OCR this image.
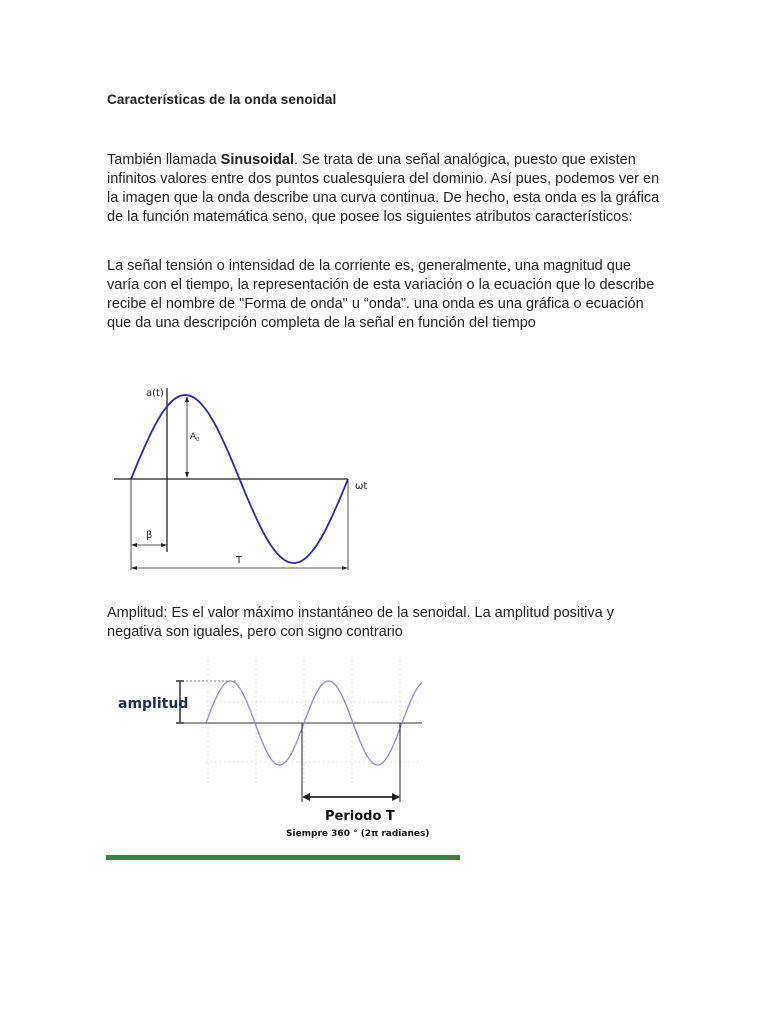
Características de la onda senoidal
También llamada Sinusoidal. Se trata de una señal analógica, puesto que existen infinitos valores entre dos puntos cualesquiera del dominio. Así pues, podemos ver en la imagen que la onda describe una curva continua. De hecho, esta onda es la gráfica de la función matemática seno, que posee los siguientes atributos característicos:
La señal tensión o intensidad de la corriente es, generalmente, una magnitud que varía con el tiempo, la representación de esta variación o la ecuación que lo describe recibe el nombre de "Forma de onda" u “onda”. una onda es una gráfica o ecuación que da una descripción completa de la señal en función del tiempo
a(t)
$A_0$
ωt
β
T
Amplitud: Es el valor máximo instantáneo de la senoidal. La amplitud positiva y negativa son iguales, pero con signo contrario
amplitud
Periodo T
Siempre 360 ° (2π radianes)
